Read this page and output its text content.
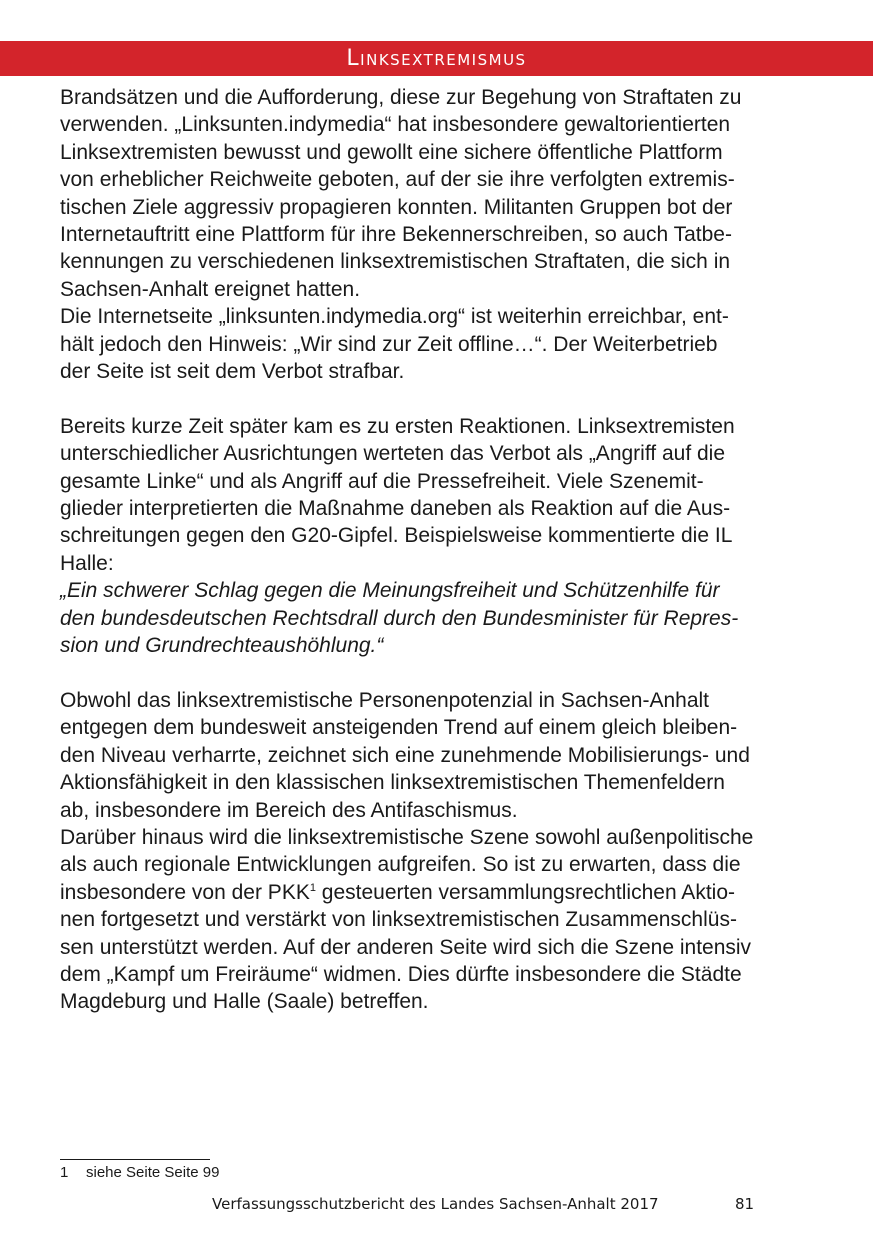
Linksextremismus
Brandsätzen und die Aufforderung, diese zur Begehung von Straftaten zu
verwenden. „Linksunten.indymedia“ hat insbesondere gewaltorientierten
Linksextremisten bewusst und gewollt eine sichere öffentliche Plattform
von erheblicher Reichweite geboten, auf der sie ihre verfolgten extremis-
tischen Ziele aggressiv propagieren konnten. Militanten Gruppen bot der
Internetauftritt eine Plattform für ihre Bekennerschreiben, so auch Tatbe-
kennungen zu verschiedenen linksextremistischen Straftaten, die sich in
Sachsen-Anhalt ereignet hatten.
Die Internetseite „linksunten.indymedia.org“ ist weiterhin erreichbar, ent-
hält jedoch den Hinweis: „Wir sind zur Zeit offline…“. Der Weiterbetrieb
der Seite ist seit dem Verbot strafbar.
Bereits kurze Zeit später kam es zu ersten Reaktionen. Linksextremisten
unterschiedlicher Ausrichtungen werteten das Verbot als „Angriff auf die
gesamte Linke“ und als Angriff auf die Pressefreiheit. Viele Szenemit-
glieder interpretierten die Maßnahme daneben als Reaktion auf die Aus-
schreitungen gegen den G20-Gipfel. Beispielsweise kommentierte die IL
Halle:
„Ein schwerer Schlag gegen die Meinungsfreiheit und Schützenhilfe für
den bundesdeutschen Rechtsdrall durch den Bundesminister für Repres-
sion und Grundrechteaushöhlung.“
Obwohl das linksextremistische Personenpotenzial in Sachsen-Anhalt
entgegen dem bundesweit ansteigenden Trend auf einem gleich bleiben-
den Niveau verharrte, zeichnet sich eine zunehmende Mobilisierungs- und
Aktionsfähigkeit in den klassischen linksextremistischen Themenfeldern
ab, insbesondere im Bereich des Antifaschismus.
Darüber hinaus wird die linksextremistische Szene sowohl außenpolitische
als auch regionale Entwicklungen aufgreifen. So ist zu erwarten, dass die
insbesondere von der PKK$^1$ gesteuerten versammlungsrechtlichen Aktio-
nen fortgesetzt und verstärkt von linksextremistischen Zusammenschlüs-
sen unterstützt werden. Auf der anderen Seite wird sich die Szene intensiv
dem „Kampf um Freiräume“ widmen. Dies dürfte insbesondere die Städte
Magdeburg und Halle (Saale) betreffen.
1 siehe Seite Seite 99
Verfassungsschutzbericht des Landes Sachsen-Anhalt 2017	81
